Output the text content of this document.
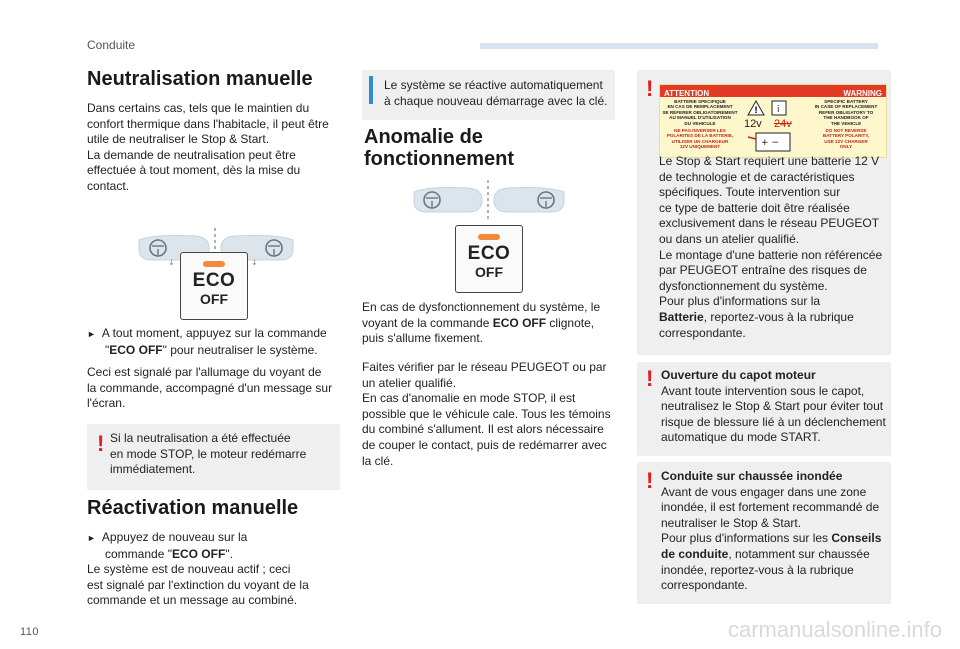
Conduite
Neutralisation manuelle

Dans certains cas, tels que le maintien du

confort thermique dans l'habitacle, il peut être

utile de neutraliser le Stop & Start.

La demande de neutralisation peut être

effectuée à tout moment, dès la mise du

contact.

↓	↓
ECO
OFF

► A tout moment, appuyez sur la commande

"ECO OFF" pour neutraliser le système.

Ceci est signalé par l'allumage du voyant de

la commande, accompagné d'un message sur

l'écran.

! Si la neutralisation a été effectuée

en mode STOP, le moteur redémarre

immédiatement.

Réactivation manuelle

► Appuyez de nouveau sur la

commande "ECO OFF".

Le système est de nouveau actif ; ceci

est signalé par l'extinction du voyant de la

commande et un message au combiné.

Le système se réactive automatiquement

à chaque nouveau démarrage avec la clé.

Anomalie de
fonctionnement
ECO
OFF

En cas de dysfonctionnement du système, le

voyant de la commande ECO OFF clignote,

puis s'allume fixement.

Faites vérifier par le réseau PEUGEOT ou par

un atelier qualifié.

En cas d'anomalie en mode STOP, il est

possible que le véhicule cale. Tous les témoins

du combiné s'allument. Il est alors nécessaire

de couper le contact, puis de redémarrer avec

la clé.

! ATTENTION	WARNING
BATTERIE SPECIFIQUE
EN CAS DE REMPLACEMENT
SE REFERER OBLIGATOIREMENT
AU MANUEL D'UTILISATION
DU VEHICULE
NE PAS INVERSER LES
POLARITES DE LA BATTERIE,
UTILISER UN CHARGEUR
12V UNIQUEMENT
! i
+ −
12v 24v
SPECIFIC BATTERY
IN CASE OF REPLACEMENT
REFER OBLIGATORY TO
THE HANDBOOK OF
THE VEHICLE
DO NOT REVERSE
BATTERY POLARITY,
USE 12V CHARGER
ONLY

Le Stop & Start requiert une batterie 12 V

de technologie et de caractéristiques

spécifiques. Toute intervention sur

ce type de batterie doit être réalisée

exclusivement dans le réseau PEUGEOT

ou dans un atelier qualifié.

Le montage d'une batterie non référencée

par PEUGEOT entraîne des risques de

dysfonctionnement du système.

Pour plus d'informations sur la

Batterie, reportez-vous à la rubrique

correspondante.

! Ouverture du capot moteur

Avant toute intervention sous le capot,

neutralisez le Stop & Start pour éviter tout

risque de blessure lié à un déclenchement

automatique du mode START.

! Conduite sur chaussée inondée

Avant de vous engager dans une zone

inondée, il est fortement recommandé de

neutraliser le Stop & Start.

Pour plus d'informations sur les Conseils

de conduite, notamment sur chaussée

inondée, reportez-vous à la rubrique

correspondante.

110	carmanualsonline.info
